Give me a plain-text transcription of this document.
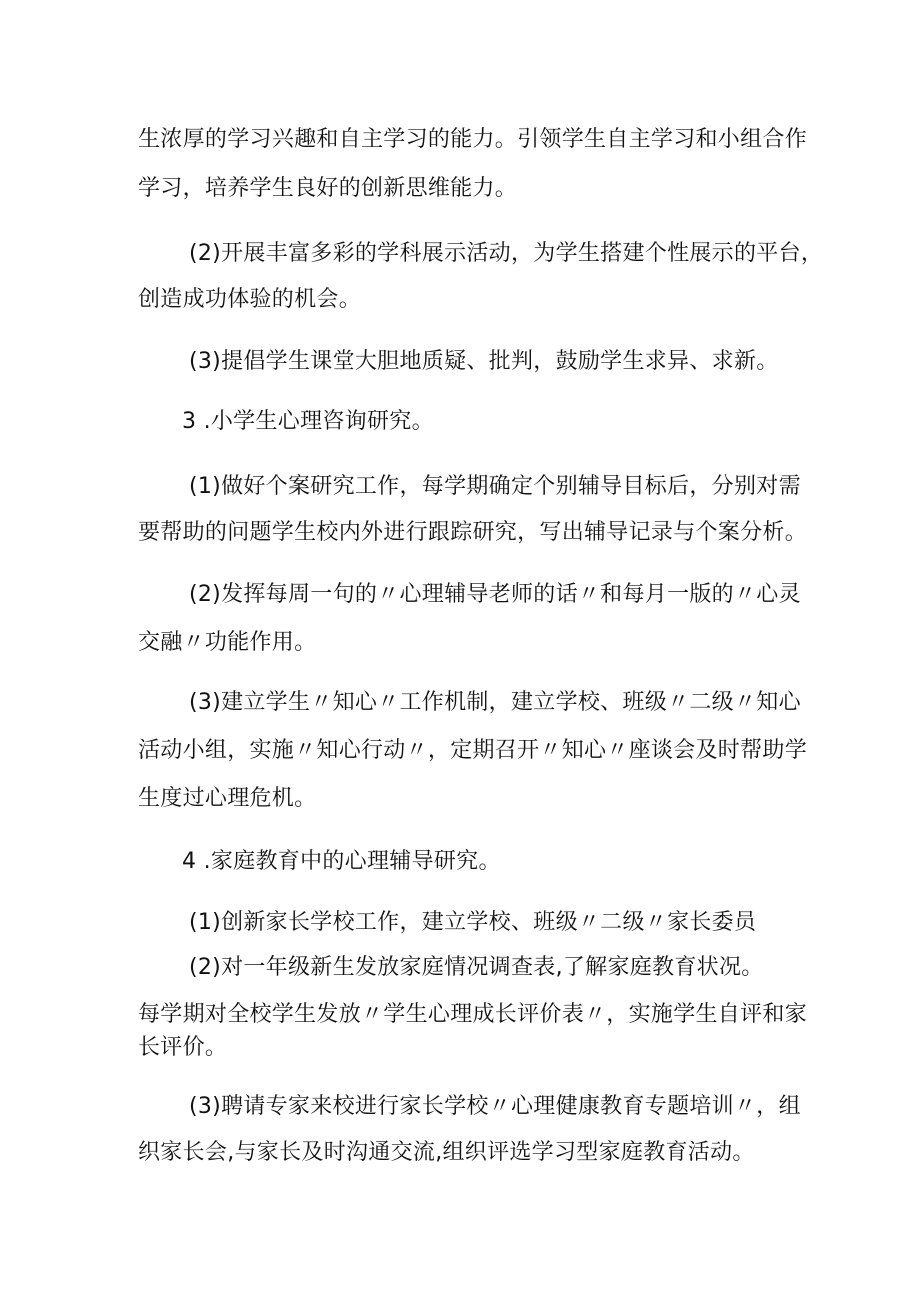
生浓厚的学习兴趣和自主学习的能力。引领学生自主学习和小组合作
学习，培养学生良好的创新思维能力。
(2)开展丰富多彩的学科展示活动，为学生搭建个性展示的平台，
创造成功体验的机会。
(3)提倡学生课堂大胆地质疑、批判，鼓励学生求异、求新。
3 .小学生心理咨询研究。
(1)做好个案研究工作，每学期确定个别辅导目标后，分别对需
要帮助的问题学生校内外进行跟踪研究，写出辅导记录与个案分析。
(2)发挥每周一句的〃心理辅导老师的话〃和每月一版的〃心灵
交融〃功能作用。
(3)建立学生〃知心〃工作机制，建立学校、班级〃二级〃知心
活动小组，实施〃知心行动〃，定期召开〃知心〃座谈会及时帮助学
生度过心理危机。
4 .家庭教育中的心理辅导研究。
(1)创新家长学校工作，建立学校、班级〃二级〃家长委员
(2)对一年级新生发放家庭情况调查表,了解家庭教育状况。
每学期对全校学生发放〃学生心理成长评价表〃，实施学生自评和家
长评价。
(3)聘请专家来校进行家长学校〃心理健康教育专题培训〃，组
织家长会,与家长及时沟通交流,组织评选学习型家庭教育活动。
